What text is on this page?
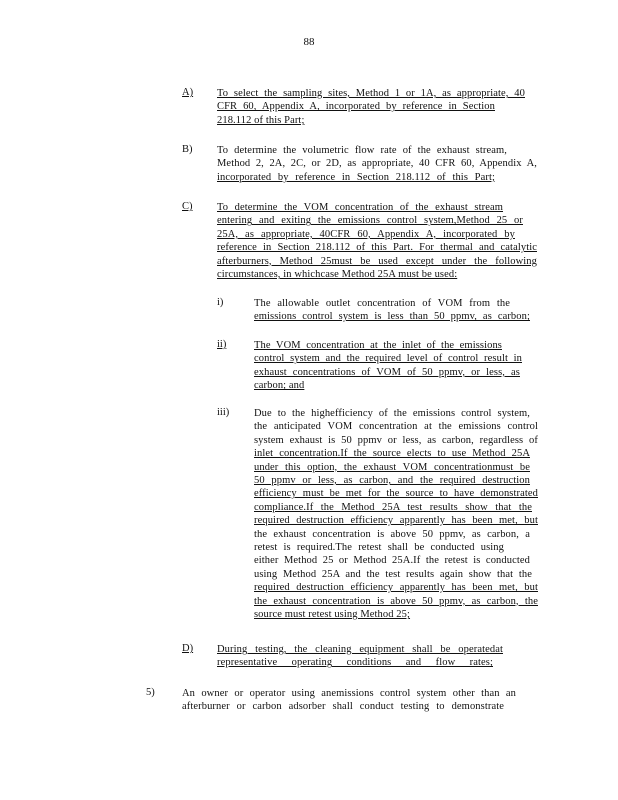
88
A) To select the sampling sites, Method 1 or 1A, as appropriate, 40
CFR 60, Appendix A, incorporated by reference in Section
218.112 of this Part;
B) To determine the volumetric flow rate of the exhaust stream,
Method 2, 2A, 2C, or 2D, as appropriate, 40 CFR 60, Appendix A,
incorporated by reference in Section 218.112 of this Part;
C) To determine the VOM concentration of the exhaust stream
entering and exiting the emissions control system,Method 25 or
25A, as appropriate, 40CFR 60, Appendix A, incorporated by
reference in Section 218.112 of this Part. For thermal and catalytic
afterburners, Method 25must be used except under the following
circumstances, in whichcase Method 25A must be used:
i)	The allowable outlet concentration of VOM from the
emissions control system is less than 50 ppmv, as carbon;
ii)	The VOM concentration at the inlet of the emissions
control system and the required level of control result in
exhaust concentrations of VOM of 50 ppmv, or less, as
carbon; and
iii) Due to the highefficiency of the emissions control system,
the anticipated VOM concentration at the emissions control
system exhaust is 50 ppmv or less, as carbon, regardless of
inlet concentration.If the source elects to use Method 25A
under this option, the exhaust VOM concentrationmust be
50 ppmv or less, as carbon, and the required destruction
efficiency must be met for the source to have demonstrated
compliance.If the Method 25A test results show that the
required destruction efficiency apparently has been met, but
the exhaust concentration is above 50 ppmv, as carbon, a
retest is required.The retest shall be conducted using
either Method 25 or Method 25A.If the retest is conducted
using Method 25A and the test results again show that the
required destruction efficiency apparently has been met, but
the exhaust concentration is above 50 ppmv, as carbon, the
source must retest using Method 25;
D) During testing, the cleaning equipment shall be operatedat
representative operating conditions and flow rates;
5)	An owner or operator using anemissions control system other than an
afterburner or carbon adsorber shall conduct testing to demonstrate
